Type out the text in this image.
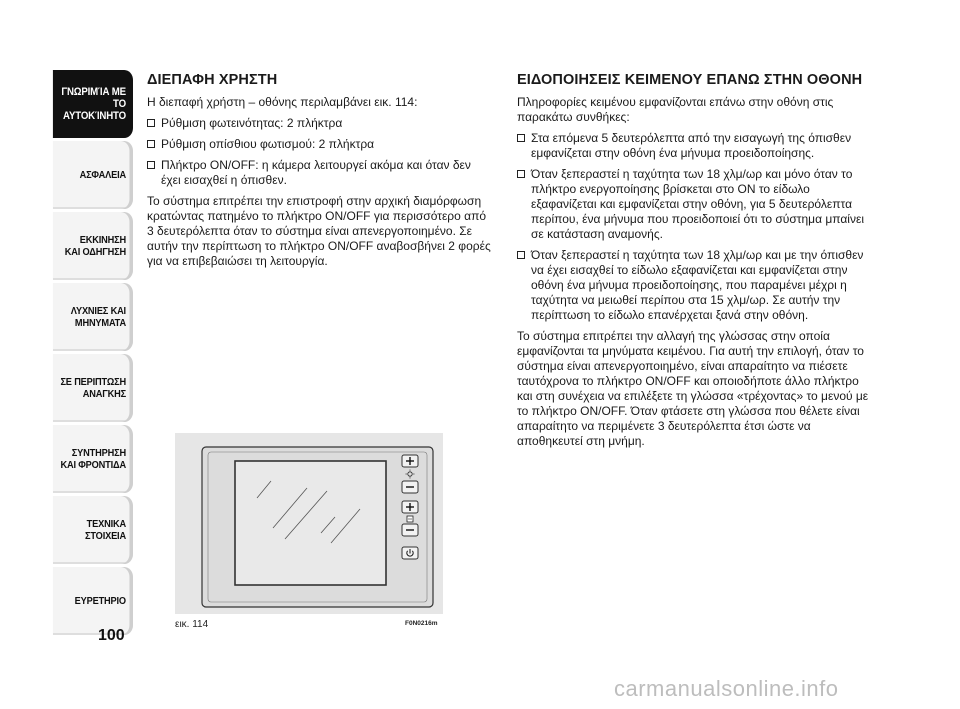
ΓΝΩΡΙΜΊΑ ΜΕ
ΤΟ ΑΥΤΟΚΊΝΗΤΟ
ΑΣΦΑΛΕΙΑ
ΕΚΚΙΝΗΣΗ
ΚΑΙ ΟΔΗΓΗΣΗ
ΛΥΧΝΙΕΣ ΚΑΙ
ΜΗΝΥΜΑΤΑ
ΣΕ ΠΕΡΙΠΤΩΣΗ
ΑΝΑΓΚΗΣ
ΣΥΝΤΗΡΗΣΗ
ΚΑΙ ΦΡΟΝΤΙΔΑ
ΤΕΧΝΙΚΑ
ΣΤΟΙΧΕΙΑ
ΕΥΡΕΤΗΡΙΟ
100
ΔΙΕΠΑΦΗ ΧΡΗΣΤΗ

Η διεπαφή χρήστη – οθόνης περιλαμβάνει εικ. 114:

Ρύθμιση φωτεινότητας: 2 πλήκτρα
Ρύθμιση οπίσθιου φωτισμού: 2 πλήκτρα
Πλήκτρο ON/OFF: η κάμερα λειτουργεί ακόμα και όταν δεν έχει εισαχθεί η όπισθεν.

Το σύστημα επιτρέπει την επιστροφή στην αρχική διαμόρφωση κρατώντας πατημένο το πλήκτρο ON/OFF για περισσότερο από 3 δευτερόλεπτα όταν το σύστημα είναι απενεργοποιημένο. Σε αυτήν την περίπτωση το πλήκτρο ON/OFF αναβοσβήνει 2 φορές για να επιβεβαιώσει τη λειτουργία.

ΕΙΔΟΠΟΙΗΣΕΙΣ ΚΕΙΜΕΝΟΥ ΕΠΑΝΩ ΣΤΗΝ ΟΘΟΝΗ

Πληροφορίες κειμένου εμφανίζονται επάνω στην οθόνη στις παρακάτω συνθήκες:

Στα επόμενα 5 δευτερόλεπτα από την εισαγωγή της όπισθεν εμφανίζεται στην οθόνη ένα μήνυμα προειδοποίησης.
Όταν ξεπεραστεί η ταχύτητα των 18 χλμ/ωρ και μόνο όταν το πλήκτρο ενεργοποίησης βρίσκεται στο ON το είδωλο εξαφανίζεται και εμφανίζεται στην οθόνη, για 5 δευτερόλεπτα περίπου, ένα μήνυμα που προειδοποιεί ότι το σύστημα μπαίνει σε κατάσταση αναμονής.
Όταν ξεπεραστεί η ταχύτητα των 18 χλμ/ωρ και με την όπισθεν να έχει εισαχθεί το είδωλο εξαφανίζεται και εμφανίζεται στην οθόνη ένα μήνυμα προειδοποίησης, που παραμένει μέχρι η ταχύτητα να μειωθεί περίπου στα 15 χλμ/ωρ. Σε αυτήν την περίπτωση το είδωλο επανέρχεται ξανά στην οθόνη.

Το σύστημα επιτρέπει την αλλαγή της γλώσσας στην οποία εμφανίζονται τα μηνύματα κειμένου. Για αυτή την επιλογή, όταν το σύστημα είναι απενεργοποιημένο, είναι απαραίτητο να πιέσετε ταυτόχρονα το πλήκτρο ON/OFF και οποιοδήποτε άλλο πλήκτρο και στη συνέχεια να επιλέξετε τη γλώσσα «τρέχοντας» το μενού με το πλήκτρο ON/OFF. Όταν φτάσετε στη γλώσσα που θέλετε είναι απαραίτητο να περιμένετε 3 δευτερόλεπτα έτσι ώστε να αποθηκευτεί στη μνήμη.

εικ. 114	F0N0216m
carmanualsonline.info
